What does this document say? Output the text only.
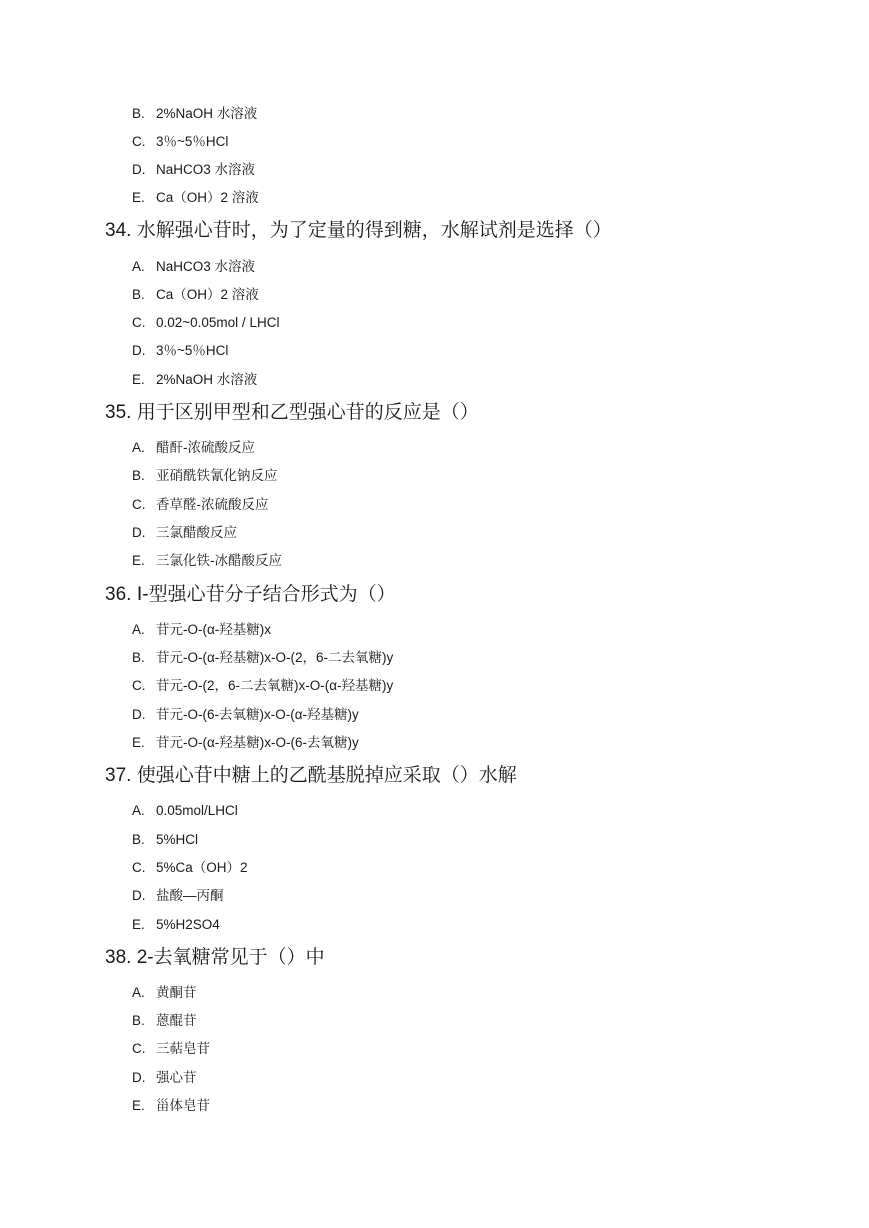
B. 2%NaOH 水溶液
C. 3％~5％HCl
D. NaHCO3 水溶液
E. Ca（OH）2 溶液
34. 水解强心苷时，为了定量的得到糖，水解试剂是选择（）
A. NaHCO3 水溶液
B. Ca（OH）2 溶液
C. 0.02~0.05mol / LHCl
D. 3％~5％HCl
E. 2%NaOH 水溶液
35. 用于区别甲型和乙型强心苷的反应是（）
A. 醋酐-浓硫酸反应
B. 亚硝酰铁氰化钠反应
C. 香草醛-浓硫酸反应
D. 三氯醋酸反应
E. 三氯化铁-冰醋酸反应
36. Ⅰ-型强心苷分子结合形式为（）
A. 苷元-O-(α-羟基糖)x
B. 苷元-O-(α-羟基糖)x-O-(2，6-二去氧糖)y
C. 苷元-O-(2，6-二去氧糖)x-O-(α-羟基糖)y
D. 苷元-O-(6-去氧糖)x-O-(α-羟基糖)y
E. 苷元-O-(α-羟基糖)x-O-(6-去氧糖)y
37. 使强心苷中糖上的乙酰基脱掉应采取（）水解
A. 0.05mol/LHCl
B. 5%HCl
C. 5%Ca（OH）2
D. 盐酸—丙酮
E. 5%H2SO4
38. 2-去氧糖常见于（）中
A. 黄酮苷
B. 蒽醌苷
C. 三萜皂苷
D. 强心苷
E. 甾体皂苷
